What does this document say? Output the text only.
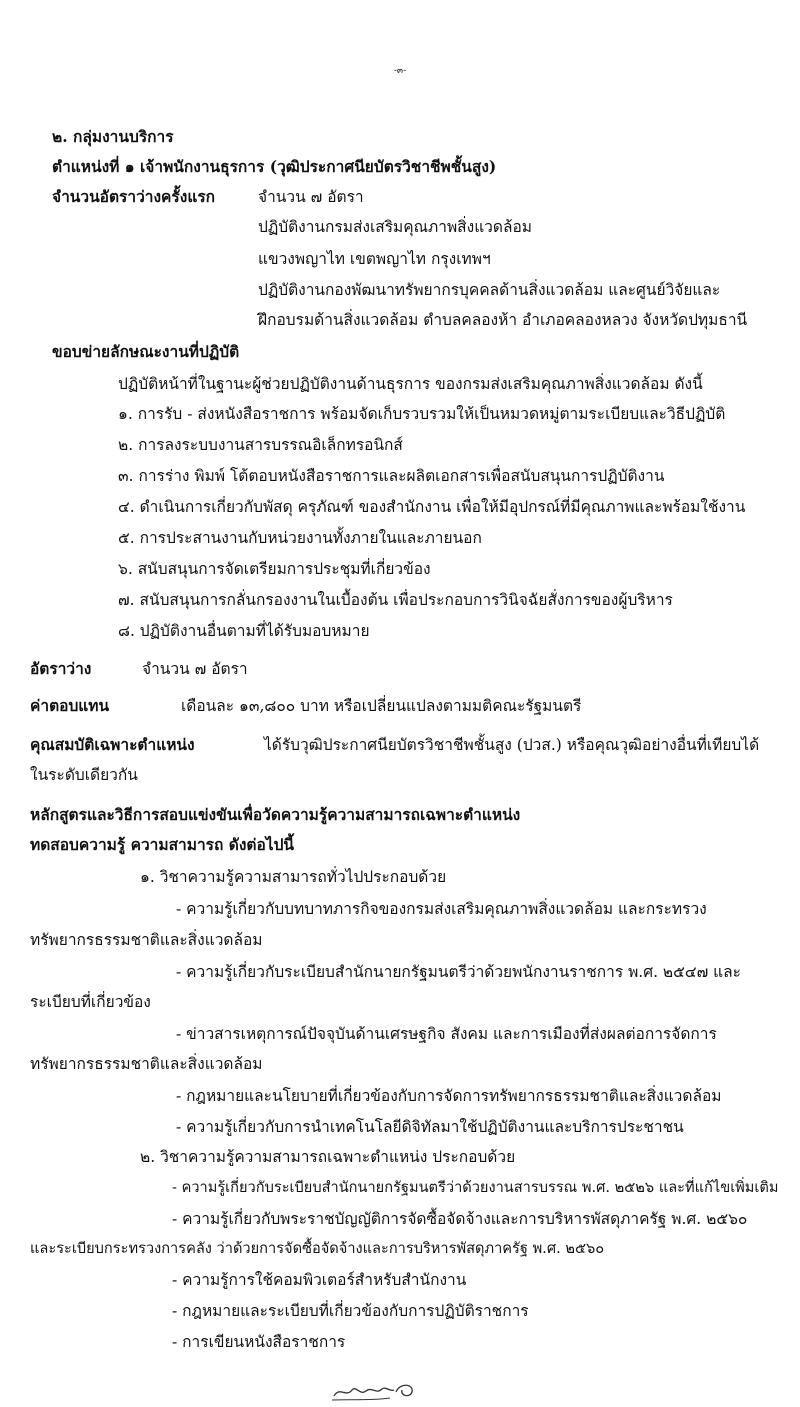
-๓-
๒. กลุ่มงานบริการ
ตำแหน่งที่ ๑ เจ้าพนักงานธุรการ (วุฒิประกาศนียบัตรวิชาชีพชั้นสูง)
จำนวนอัตราว่างครั้งแรก	จำนวน ๗ อัตรา
ปฏิบัติงานกรมส่งเสริมคุณภาพสิ่งแวดล้อม
แขวงพญาไท เขตพญาไท กรุงเทพฯ
ปฏิบัติงานกองพัฒนาทรัพยากรบุคคลด้านสิ่งแวดล้อม และศูนย์วิจัยและ
ฝึกอบรมด้านสิ่งแวดล้อม ตำบลคลองห้า อำเภอคลองหลวง จังหวัดปทุมธานี
ขอบข่ายลักษณะงานที่ปฏิบัติ
ปฏิบัติหน้าที่ในฐานะผู้ช่วยปฏิบัติงานด้านธุรการ ของกรมส่งเสริมคุณภาพสิ่งแวดล้อม ดังนี้
๑. การรับ - ส่งหนังสือราชการ พร้อมจัดเก็บรวบรวมให้เป็นหมวดหมู่ตามระเบียบและวิธีปฏิบัติ
๒. การลงระบบงานสารบรรณอิเล็กทรอนิกส์
๓. การร่าง พิมพ์ โต้ตอบหนังสือราชการและผลิตเอกสารเพื่อสนับสนุนการปฏิบัติงาน
๔. ดำเนินการเกี่ยวกับพัสดุ ครุภัณฑ์ ของสำนักงาน เพื่อให้มีอุปกรณ์ที่มีคุณภาพและพร้อมใช้งาน
๕. การประสานงานกับหน่วยงานทั้งภายในและภายนอก
๖. สนับสนุนการจัดเตรียมการประชุมที่เกี่ยวข้อง
๗. สนับสนุนการกลั่นกรองงานในเบื้องต้น เพื่อประกอบการวินิจฉัยสั่งการของผู้บริหาร
๘. ปฏิบัติงานอื่นตามที่ได้รับมอบหมาย
อัตราว่าง	จำนวน ๗ อัตรา
ค่าตอบแทน	เดือนละ ๑๓,๘๐๐ บาท หรือเปลี่ยนแปลงตามมติคณะรัฐมนตรี
คุณสมบัติเฉพาะตำแหน่ง	ได้รับวุฒิประกาศนียบัตรวิชาชีพชั้นสูง (ปวส.) หรือคุณวุฒิอย่างอื่นที่เทียบได้
ในระดับเดียวกัน
หลักสูตรและวิธีการสอบแข่งขันเพื่อวัดความรู้ความสามารถเฉพาะตำแหน่ง
ทดสอบความรู้ ความสามารถ ดังต่อไปนี้
๑. วิชาความรู้ความสามารถทั่วไปประกอบด้วย
- ความรู้เกี่ยวกับบทบาทภารกิจของกรมส่งเสริมคุณภาพสิ่งแวดล้อม และกระทรวง
ทรัพยากรธรรมชาติและสิ่งแวดล้อม
- ความรู้เกี่ยวกับระเบียบสำนักนายกรัฐมนตรีว่าด้วยพนักงานราชการ พ.ศ. ๒๕๔๗ และ
ระเบียบที่เกี่ยวข้อง
- ข่าวสารเหตุการณ์ปัจจุบันด้านเศรษฐกิจ สังคม และการเมืองที่ส่งผลต่อการจัดการ
ทรัพยากรธรรมชาติและสิ่งแวดล้อม
- กฎหมายและนโยบายที่เกี่ยวข้องกับการจัดการทรัพยากรธรรมชาติและสิ่งแวดล้อม
- ความรู้เกี่ยวกับการนำเทคโนโลยีดิจิทัลมาใช้ปฏิบัติงานและบริการประชาชน
๒. วิชาความรู้ความสามารถเฉพาะตำแหน่ง ประกอบด้วย
- ความรู้เกี่ยวกับระเบียบสำนักนายกรัฐมนตรีว่าด้วยงานสารบรรณ พ.ศ. ๒๕๒๖ และที่แก้ไขเพิ่มเติม
- ความรู้เกี่ยวกับพระราชบัญญัติการจัดซื้อจัดจ้างและการบริหารพัสดุภาครัฐ พ.ศ. ๒๕๖๐
และระเบียบกระทรวงการคลัง ว่าด้วยการจัดซื้อจัดจ้างและการบริหารพัสดุภาครัฐ พ.ศ. ๒๕๖๐
- ความรู้การใช้คอมพิวเตอร์สำหรับสำนักงาน
- กฎหมายและระเบียบที่เกี่ยวข้องกับการปฏิบัติราชการ
- การเขียนหนังสือราชการ
